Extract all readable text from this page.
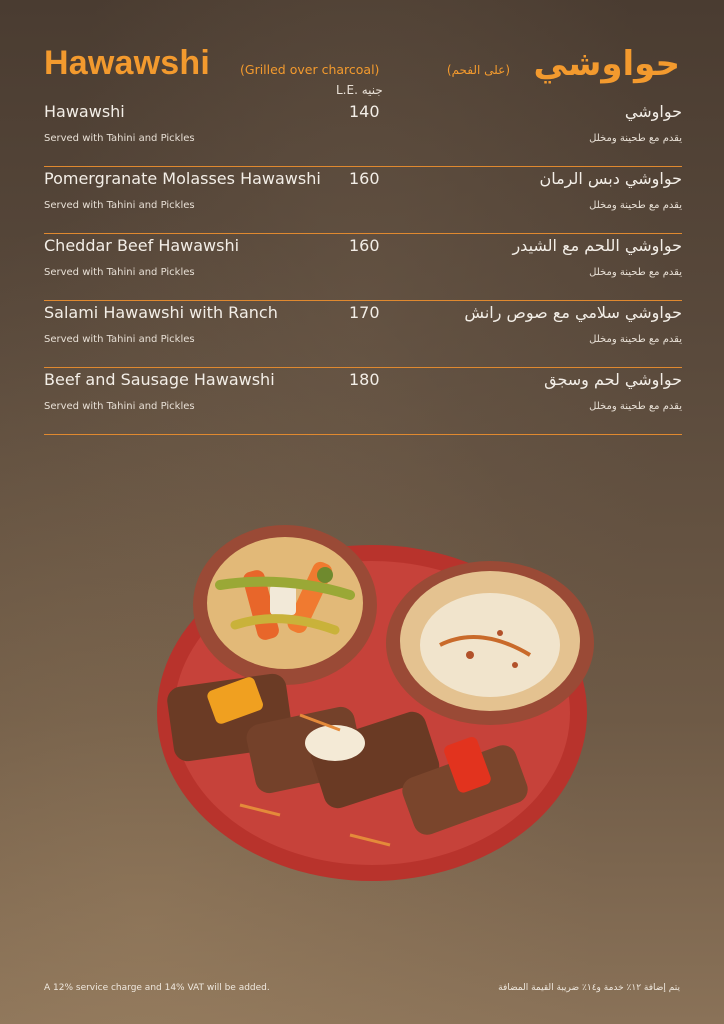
Hawawshi (Grilled over charcoal)	(على الفحم) حواوشي
L.E. جنيه
Hawawshi	140	حواوشي
Served with Tahini and Pickles	يقدم مع طحينة ومخلل
Pomergranate Molasses Hawawshi 160	حواوشي دبس الرمان
Served with Tahini and Pickles	يقدم مع طحينة ومخلل
Cheddar Beef Hawawshi	160	حواوشي اللحم مع الشيدر
Served with Tahini and Pickles	يقدم مع طحينة ومخلل
Salami Hawawshi with Ranch	170	حواوشي سلامي مع صوص رانش
Served with Tahini and Pickles	يقدم مع طحينة ومخلل
Beef and Sausage Hawawshi	180	حواوشي لحم وسجق
Served with Tahini and Pickles	يقدم مع طحينة ومخلل
A 12% service charge and 14% VAT will be added.	يتم إضافة ١٢٪ خدمة و١٤٪ ضريبة القيمة المضافة
